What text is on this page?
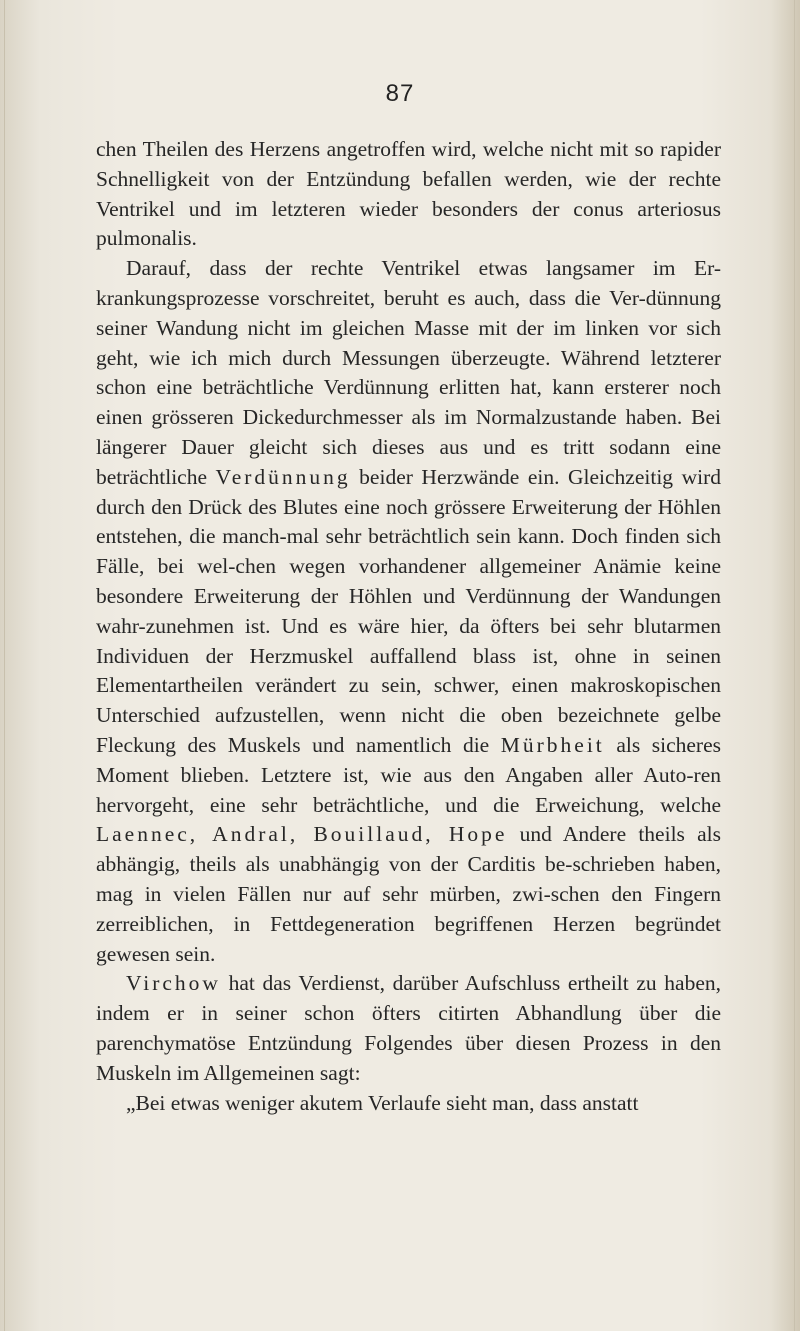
87

chen Theilen des Herzens angetroffen wird, welche nicht mit so rapider Schnelligkeit von der Entzündung befallen werden, wie der rechte Ventrikel und im letzteren wieder besonders der conus arteriosus pulmonalis.

Darauf, dass der rechte Ventrikel etwas langsamer im Er-krankungsprozesse vorschreitet, beruht es auch, dass die Ver-dünnung seiner Wandung nicht im gleichen Masse mit der im linken vor sich geht, wie ich mich durch Messungen überzeugte. Während letzterer schon eine beträchtliche Verdünnung erlitten hat, kann ersterer noch einen grösseren Dickedurchmesser als im Normalzustande haben. Bei längerer Dauer gleicht sich dieses aus und es tritt sodann eine beträchtliche Verdünnung beider Herzwände ein. Gleichzeitig wird durch den Drück des Blutes eine noch grössere Erweiterung der Höhlen entstehen, die manch-mal sehr beträchtlich sein kann. Doch finden sich Fälle, bei wel-chen wegen vorhandener allgemeiner Anämie keine besondere Erweiterung der Höhlen und Verdünnung der Wandungen wahr-zunehmen ist. Und es wäre hier, da öfters bei sehr blutarmen Individuen der Herzmuskel auffallend blass ist, ohne in seinen Elementartheilen verändert zu sein, schwer, einen makroskopischen Unterschied aufzustellen, wenn nicht die oben bezeichnete gelbe Fleckung des Muskels und namentlich die Mürbheit als sicheres Moment blieben. Letztere ist, wie aus den Angaben aller Auto-ren hervorgeht, eine sehr beträchtliche, und die Erweichung, welche Laennec, Andral, Bouillaud, Hope und Andere theils als abhängig, theils als unabhängig von der Carditis be-schrieben haben, mag in vielen Fällen nur auf sehr mürben, zwi-schen den Fingern zerreiblichen, in Fettdegeneration begriffenen Herzen begründet gewesen sein.

Virchow hat das Verdienst, darüber Aufschluss ertheilt zu haben, indem er in seiner schon öfters citirten Abhandlung über die parenchymatöse Entzündung Folgendes über diesen Prozess in den Muskeln im Allgemeinen sagt:

„Bei etwas weniger akutem Verlaufe sieht man, dass anstatt
